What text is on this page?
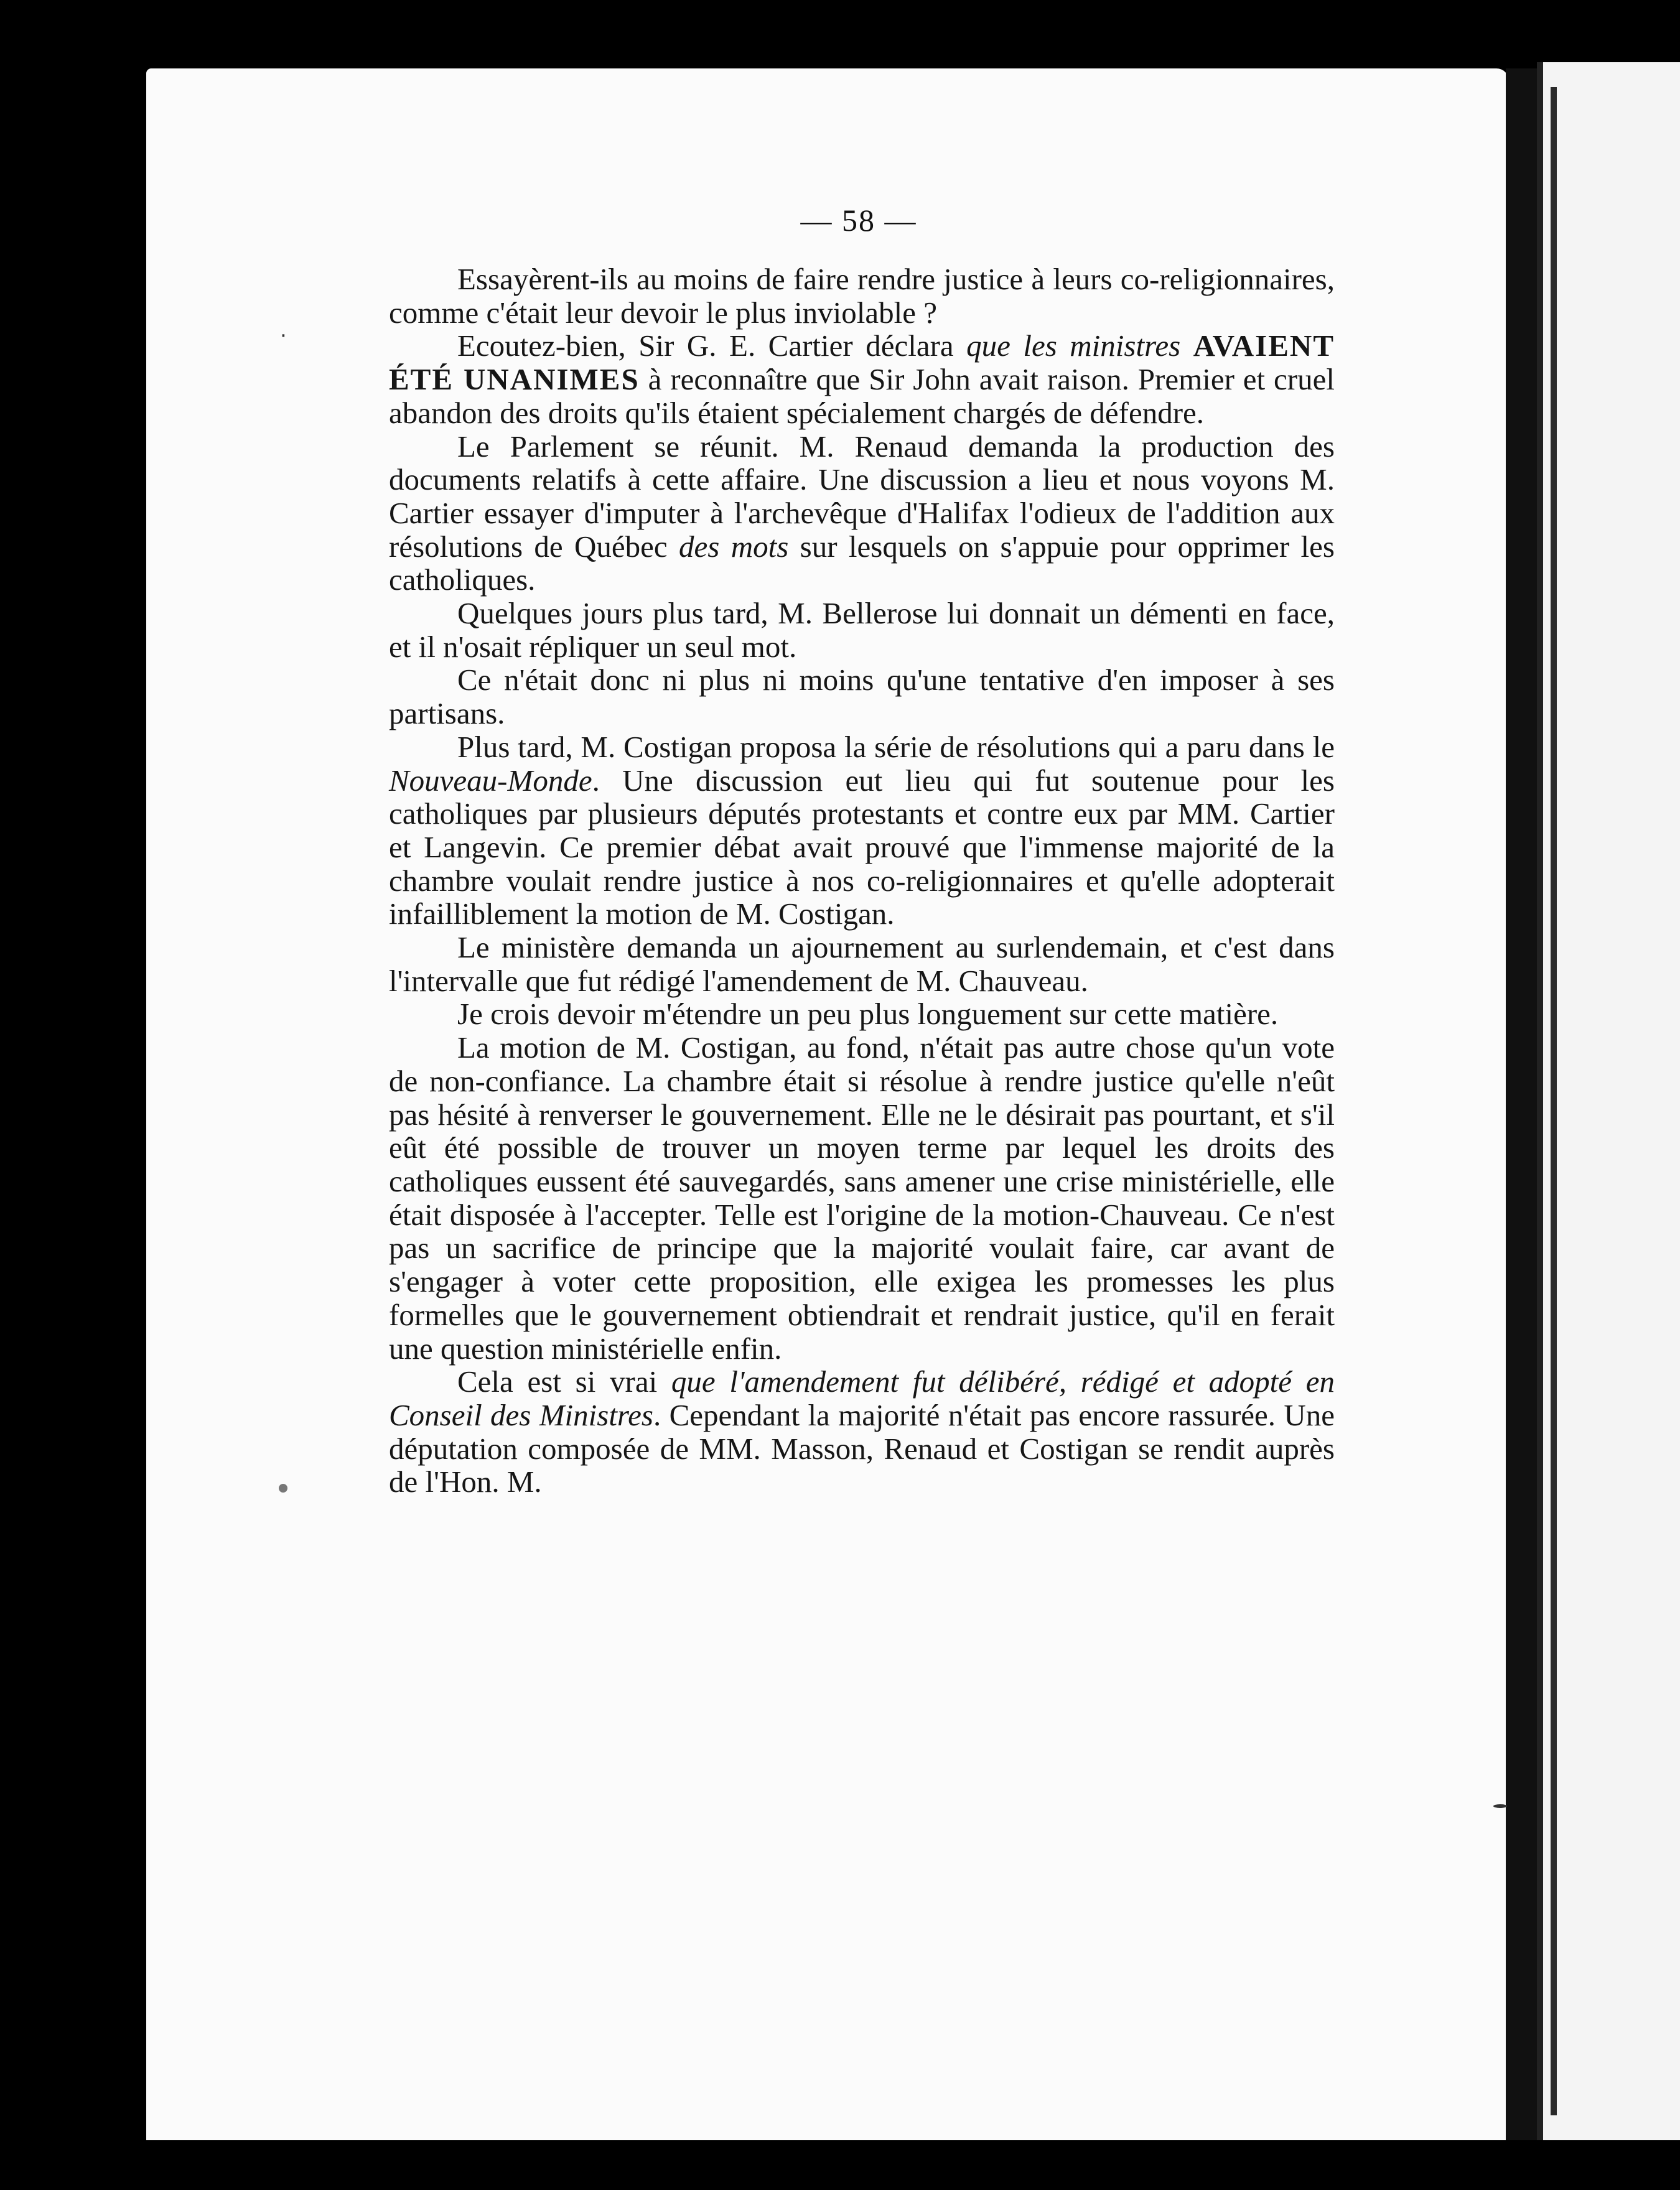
·
— 58 —

Essayèrent-ils au moins de faire rendre justice à leurs co-religionnaires, comme c'était leur devoir le plus inviolable ?

Ecoutez-bien, Sir G. E. Cartier déclara que les ministres AVAIENT ÉTÉ UNANIMES à reconnaître que Sir John avait raison. Premier et cruel abandon des droits qu'ils étaient spécialement chargés de défendre.

Le Parlement se réunit. M. Renaud demanda la production des documents relatifs à cette affaire. Une discussion a lieu et nous voyons M. Cartier essayer d'imputer à l'archevêque d'Halifax l'odieux de l'addition aux résolutions de Québec des mots sur lesquels on s'appuie pour opprimer les catholiques.

Quelques jours plus tard, M. Bellerose lui donnait un démenti en face, et il n'osait répliquer un seul mot.

Ce n'était donc ni plus ni moins qu'une tentative d'en imposer à ses partisans.

Plus tard, M. Costigan proposa la série de résolutions qui a paru dans le Nouveau-Monde. Une discussion eut lieu qui fut soutenue pour les catholiques par plusieurs députés protestants et contre eux par MM. Cartier et Langevin. Ce premier débat avait prouvé que l'immense majorité de la chambre voulait rendre justice à nos co-religionnaires et qu'elle adopterait infailliblement la motion de M. Costigan.

Le ministère demanda un ajournement au surlendemain, et c'est dans l'intervalle que fut rédigé l'amendement de M. Chauveau.

Je crois devoir m'étendre un peu plus longuement sur cette matière.

La motion de M. Costigan, au fond, n'était pas autre chose qu'un vote de non-confiance. La chambre était si résolue à rendre justice qu'elle n'eût pas hésité à renverser le gouvernement. Elle ne le désirait pas pourtant, et s'il eût été possible de trouver un moyen terme par lequel les droits des catholiques eussent été sauvegardés, sans amener une crise ministérielle, elle était disposée à l'accepter. Telle est l'origine de la motion-Chauveau. Ce n'est pas un sacrifice de principe que la majorité voulait faire, car avant de s'engager à voter cette proposition, elle exigea les promesses les plus formelles que le gouvernement obtiendrait et rendrait justice, qu'il en ferait une question ministérielle enfin.

Cela est si vrai que l'amendement fut délibéré, rédigé et adopté en Conseil des Ministres. Cependant la majorité n'était pas encore rassurée. Une députation composée de MM. Masson, Renaud et Costigan se rendit auprès de l'Hon. M.
